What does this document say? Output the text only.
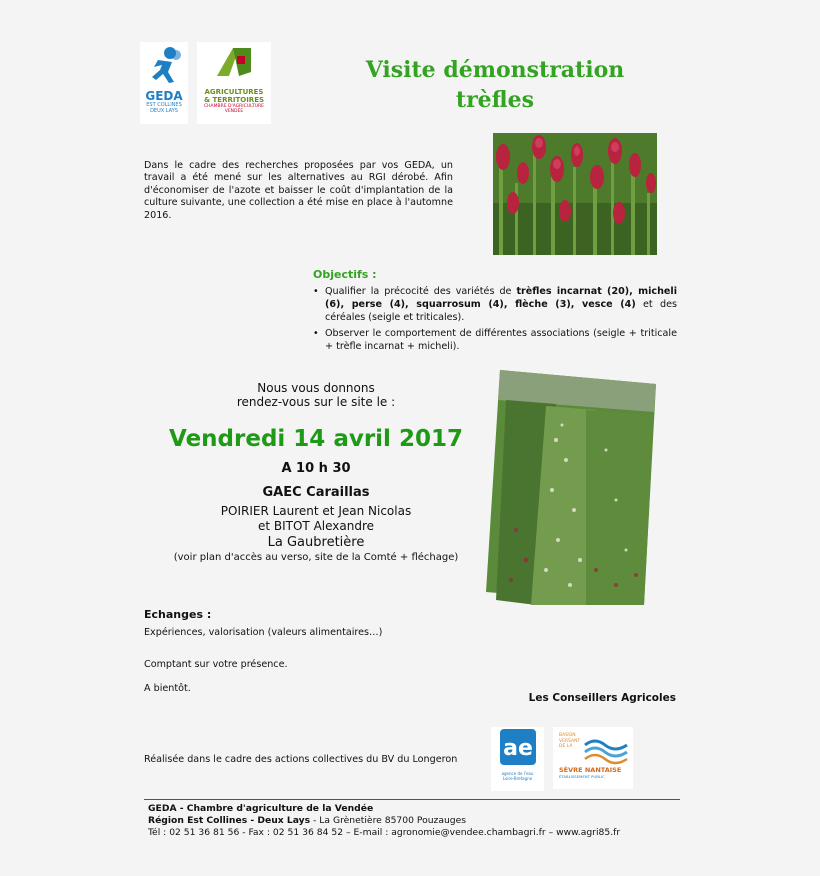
GEDA
EST COLLINES
DEUX LAYS
AGRICULTURES
& TERRITOIRES
CHAMBRE D'AGRICULTURE
VENDÉE
Visite démonstration
trèfles
Dans le cadre des recherches proposées par vos GEDA, un travail a été mené sur les alternatives au RGI dérobé. Afin d'économiser de l'azote et baisser le coût d'implantation de la culture suivante, une collection a été mise en place à l'automne 2016.
Objectifs :
• Qualifier la précocité des variétés de trèfles incarnat (20), micheli (6), perse (4), squarrosum (4), flèche (3), vesce (4) et des céréales (seigle et triticales).
• Observer le comportement de différentes associations (seigle + triticale + trèfle incarnat + micheli).
Nous vous donnons
rendez-vous sur le site le :
Vendredi 14 avril 2017
A 10 h 30
GAEC Caraillas
POIRIER Laurent et Jean Nicolas
et BITOT Alexandre
La Gaubretière
(voir plan d'accès au verso, site de la Comté + fléchage)
Echanges :
Expériences, valorisation (valeurs alimentaires…)
Comptant sur votre présence.
A bientôt.
Les Conseillers Agricoles
Réalisée dans le cadre des actions collectives du BV du Longeron ae
agence de l'eau
Loire-Bretagne
BASSIN
VERSANT
DE LA
SÈVRE NANTAISE
ÉTABLISSEMENT PUBLIC
GEDA - Chambre d'agriculture de la Vendée
Région Est Collines - Deux Lays - La Grènetière 85700 Pouzauges
Tél : 02 51 36 81 56 - Fax : 02 51 36 84 52 – E-mail : agronomie@vendee.chambagri.fr – www.agri85.fr
